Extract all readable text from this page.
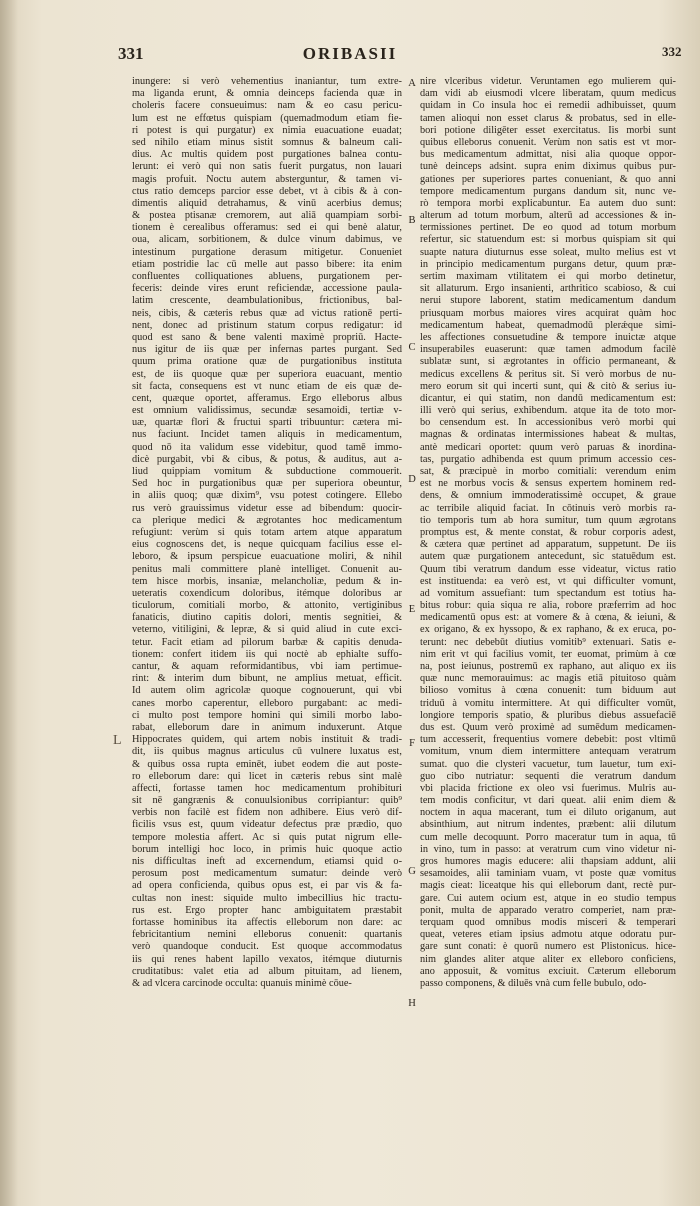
331	ORIBASII	332
inungere: si verò vehementius inaniantur, tum extre-
ma liganda erunt, & omnia deinceps facienda quæ in
choleris facere consueuimus: nam & eo casu pericu-
lum est ne effœtus quispiam (quemadmodum etiam fie-
ri potest is qui purgatur) ex nimia euacuatione euadat;
sed nihilo etiam minus sistit somnus & balneum cali-
dius. Ac multis quidem post purgationes balnea contu-
lerunt: ei verò qui non satis fuerit purgatus, non lauari
magis profuit. Noctu autem absterguntur, & tamen vi-
ctus ratio demceps parcior esse debet, vt à cibis & à con-
dimentis aliquid detrahamus, & vinū acerbius demus;
& postea ptisanæ cremorem, aut aliā quampiam sorbi-
tionem è cerealibus offeramus: sed ei qui benè alatur,
oua, alicam, sorbitionem, & dulce vinum dabimus, ve
intestinum purgatione derasum mitigetur. Conueniet
etiam postridie lac cū melle aut passo bibere: ita enim
confluentes colliquationes abluens, purgationem per-
feceris: deinde vires erunt reficiendæ, accessione paula-
latim crescente, deambulationibus, frictionibus, bal-
neis, cibis, & cæteris rebus quæ ad victus rationē perti-
nent, donec ad pristinum statum corpus redigatur: id
quod est sano & bene valenti maximè propriū. Hacte-
nus igitur de iis quæ per infernas partes purgant. Sed
quum prima oratione quæ de purgationibus instituta
est, de iis quoque quæ per superiora euacuant, mentio
sit facta, consequens est vt nunc etiam de eis quæ de-
cent, quæque oportet, afferamus. Ergo elleborus albus
est omnium validissimus, secundæ sesamoidi, tertiæ v-
uæ, quartæ flori & fructui sparti tribuuntur: cætera mi-
nus faciunt. Incidet tamen aliquis in medicamentum,
quod nō ita validum esse videbitur, quod tamē immo-
dicè purgabit, vbi & cibus, & potus, & auditus, aut a-
liud quippiam vomitum & subductione commouerit.
Sed hoc in purgationibus quæ per superiora obeuntur,
in aliis quoq; quæ dixim⁹, vsu potest cotingere. Ellebo
rus verò grauissimus videtur esse ad bibendum: quocir-
ca plerique medici & ægrotantes hoc medicamentum
refugiunt: verùm si quis totam artem atque apparatum
eius cognoscens det, is neque quicquam facilius esse el-
leboro, & ipsum perspicue euacuatione moliri, & nihil
penitus mali committere planè intelliget. Conuenit au-
tem hisce morbis, insaniæ, melancholiæ, pedum & in-
ueteratis coxendicum doloribus, itémque doloribus ar
ticulorum, comitiali morbo, & attonito, vertiginibus
fanaticis, diutino capitis dolori, mentis segnitiei, &
veterno, vitiligini, & lepræ, & si quid aliud in cute exci-
tetur. Facit etiam ad pilorum barbæ & capitis denuda-
tionem: confert itidem iis qui noctè ab ephialte suffo-
cantur, & aquam reformidantibus, vbi iam pertimue-
rint: & interim dum bibunt, ne amplius metuat, efficit.
Id autem olim agricolæ quoque cognouerunt, qui vbi
canes morbo caperentur, elleboro purgabant: ac medi-
ci multo post tempore homini qui simili morbo labo-
rabat, elleborum dare in animum induxerunt. Atque
Hippocrates quidem, qui artem nobis instituit & tradi-
dit, iis quibus magnus articulus cū vulnere luxatus est,
& quibus ossa rupta eminēt, iubet eodem die aut poste-
ro elleborum dare: qui licet in cæteris rebus sint malè
affecti, fortasse tamen hoc medicamentum prohibituri
sit nē gangrænis & conuulsionibus corripiantur: quib⁹
verbis non facilè est fidem non adhibere. Eius verò dif-
ficilis vsus est, quum videatur defectus præ prædio, quo
tempore molestia affert. Ac si quis putat nigrum elle-
borum intelligi hoc loco, in primis huic quoque actio
nis difficultas ineft ad excernendum, etiamsi quid o-
perosum post medicamentum sumatur: deinde verò
ad opera conficienda, quibus opus est, ei par vis & fa-
cultas non inest: siquide multo imbecillius hic tractu-
rus est. Ergo propter hanc ambiguitatem præstabit
fortasse hominibus ita affectis elleborum non dare: ac
febricitantium nemini elleborus conuenit: quartanis
verò quandoque conducit. Est quoque accommodatus
iis qui renes habent lapillo vexatos, itémque diuturnis
cruditatibus: valet etia ad album pituitam, ad lienem,
& ad vlcera carcinode occulta: quanuis minimè cōue-
nire vlceribus videtur. Veruntamen ego mulierem qui-
dam vidi ab eiusmodi vlcere liberatam, quum medicus
quidam in Co insula hoc ei remedii adhibuisset, quum
tamen alioqui non esset clarus & probatus, sed in elle-
bori potione diligēter esset exercitatus. Iis morbi sunt
quibus elleborus conuenit. Verùm non satis est vt mor-
bus medicamentum admittat, nisi alia quoque oppor-
tunè deinceps adsint. supra enim diximus quibus pur-
gationes per superiores partes conueniant, & quo anni
tempore medicamentum purgans dandum sit, nunc ve-
rò tempora morbi explicabuntur. Ea autem duo sunt:
alterum ad totum morbum, alterū ad accessiones & in-
termissiones pertinet. De eo quod ad totum morbum
refertur, sic statuendum est: si morbus quispiam sit qui
suapte natura diuturnus esse soleat, multo melius est vt
in principio medicamentum purgans detur, quum præ-
sertim maximam vtilitatem ei qui morbo detinetur,
sit allaturum. Ergo insanienti, arthritico scabioso, & cui
nerui stupore laborent, statim medicamentum dandum
priusquam morbus maiores vires acquirat quàm hoc
medicamentum habeat, quemadmodū plerǽque simi-
les affectiones consuetudine & tempore inuictæ atque
insuperabiles euaserunt: quæ tamen admodum facilè
sublatæ sunt, si ægrotantes in officio permaneant, &
medicus excellens & peritus sit. Si verò morbus de nu-
mero eorum sit qui incerti sunt, qui & citò & serius iu-
dicantur, ei qui statim, non dandū medicamentum est:
illi verò qui serius, exhibendum. atque ita de toto mor-
bo censendum est. In accessionibus verò morbi qui
magnas & ordinatas intermissiones habeat & multas,
antè medicari oportet: quum verò paruas & inordina-
tas, purgatio adhibenda est quum primum accessio ces-
sat, & præcipuè in morbo comitiali: verendum enim
est ne morbus vocis & sensus expertem hominem red-
dens, & omnium immoderatissimè occupet, & graue
ac terribile aliquid faciat. In cōtinuis verò morbis ra-
tio temporis tum ab hora sumitur, tum quum ægrotans
promptus est, & mente constat, & robur corporis adest,
& cætera quæ pertinet ad apparatum, suppetunt. De iis
autem quæ purgationem antecedunt, sic statuēdum est.
Quum tibi veratrum dandum esse videatur, victus ratio
est instituenda: ea verò est, vt qui difficulter vomunt,
ad vomitum assuefiant: tum spectandum est totius ha-
bitus robur: quia siqua re alia, robore præferrim ad hoc
medicamentū opus est: at vomere & à cœna, & ieiuni, &
ex origano, & ex hyssopo, & ex raphano, & ex eruca, po-
terunt: nec debebūt diutius vomitib⁹ extenuari. Satis e-
nim erit vt qui facilius vomit, ter euomat, primùm à cœ
na, post ieiunus, postremū ex raphano, aut aliquo ex iis
quæ nunc memorauimus: ac magis etiā pituitoso quàm
bilioso vomitus à cœna conuenit: tum biduum aut
triduū à vomitu intermittere. At qui difficulter vomūt,
longiore temporis spatio, & pluribus diebus assuefaciē
dus est. Quum verò proximè ad sumēdum medicamen-
tum accesserit, frequentius vomere debebit: post vltimū
vomitum, vnum diem intermittere antequam veratrum
sumat. quo die clysteri vacuetur, tum lauetur, tum exi-
guo cibo nutriatur: sequenti die veratrum dandum
vbi placida frictione ex oleo vsi fuerimus. Mulris au-
tem modis conficitur, vt dari queat. alii enim diem &
noctem in aqua macerant, tum ei diluto origanum, aut
absinthium, aut nitrum indentes, præbent: alii dilutum
cum melle decoquunt. Porro maceratur tum in aqua, tū
in vino, tum in passo: at veratrum cum vino videtur ni-
gros humores magis educere: alii thapsiam addunt, alii
sesamoides, alii taminiam vuam, vt poste quæ vomitus
magis cieat: liceatque his qui elleborum dant, rectè pur-
gare. Cui autem ocium est, atque in eo studio tempus
ponit, multa de apparado veratro comperiet, nam præ-
terquam quod omnibus modis misceri & temperari
queat, veteres etiam ipsius admotu atque odoratu pur-
gare sunt conati: è quorū numero est Plistonicus. hice-
nim glandes aliter atque aliter ex elleboro conficiens,
ano apposuit, & vomitus exciuit. Cæterum elleborum
passo componens, & diluēs vnà cum felle bubulo, odo-
A
B
C
D
E
F
G
H
L
